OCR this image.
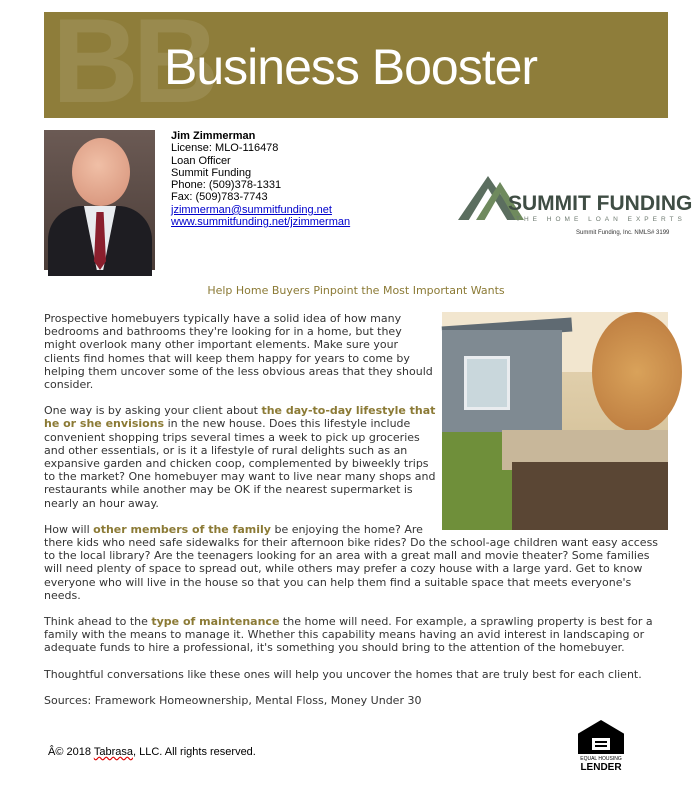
BB
Business Booster
Jim Zimmerman
License: MLO-116478
Loan Officer
Summit Funding
Phone: (509)378-1331
Fax: (509)783-7743
jzimmerman@summitfunding.net
www.summitfunding.net/jzimmerman
SUMMIT FUNDING
THE HOME LOAN EXPERTS
Summit Funding, Inc. NMLS# 3199
Help Home Buyers Pinpoint the Most Important Wants

Prospective homebuyers typically have a solid idea of how many bedrooms and bathrooms they're looking for in a home, but they might overlook many other important elements. Make sure your clients find homes that will keep them happy for years to come by helping them uncover some of the less obvious areas that they should consider.

One way is by asking your client about the day-to-day lifestyle that he or she envisions in the new house. Does this lifestyle include convenient shopping trips several times a week to pick up groceries and other essentials, or is it a lifestyle of rural delights such as an expansive garden and chicken coop, complemented by biweekly trips to the market? One homebuyer may want to live near many shops and restaurants while another may be OK if the nearest supermarket is nearly an hour away.

How will other members of the family be enjoying the home? Are there kids who need safe sidewalks for their afternoon bike rides? Do the school-age children want easy access to the local library? Are the teenagers looking for an area with a great mall and movie theater? Some families will need plenty of space to spread out, while others may prefer a cozy house with a large yard. Get to know everyone who will live in the house so that you can help them find a suitable space that meets everyone's needs.

Think ahead to the type of maintenance the home will need. For example, a sprawling property is best for a family with the means to manage it. Whether this capability means having an avid interest in landscaping or adequate funds to hire a professional, it's something you should bring to the attention of the homebuyer.

Thoughtful conversations like these ones will help you uncover the homes that are truly best for each client.

Sources: Framework Homeownership, Mental Floss, Money Under 30

Â© 2018 Tabrasa, LLC. All rights reserved.
EQUAL HOUSING
LENDER
